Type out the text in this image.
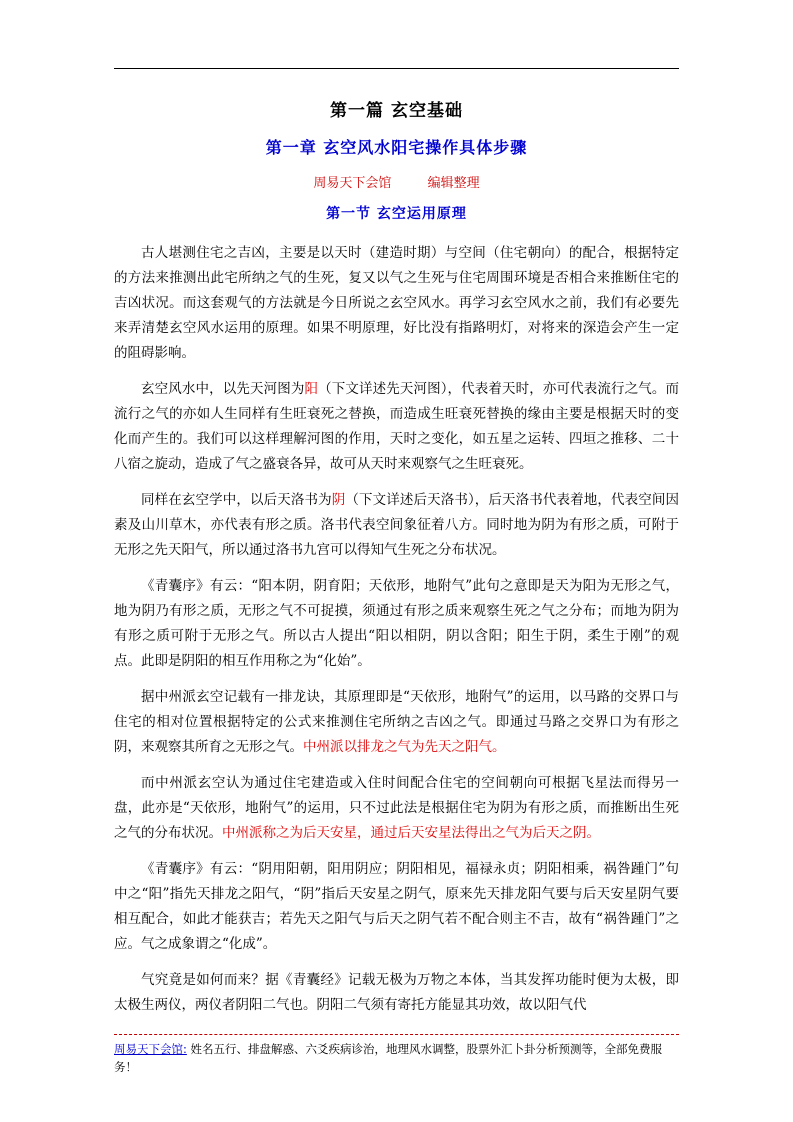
第一篇 玄空基础
第一章 玄空风水阳宅操作具体步骤
周易天下会馆	编辑整理
第一节 玄空运用原理

古人堪测住宅之吉凶，主要是以天时（建造时期）与空间（住宅朝向）的配合，根据特定的方法来推测出此宅所纳之气的生死，复又以气之生死与住宅周围环境是否相合来推断住宅的吉凶状况。而这套观气的方法就是今日所说之玄空风水。再学习玄空风水之前，我们有必要先来弄清楚玄空风水运用的原理。如果不明原理，好比没有指路明灯，对将来的深造会产生一定的阻碍影响。

玄空风水中，以先天河图为阳（下文详述先天河图），代表着天时，亦可代表流行之气。而流行之气的亦如人生同样有生旺衰死之替换，而造成生旺衰死替换的缘由主要是根据天时的变化而产生的。我们可以这样理解河图的作用，天时之变化，如五星之运转、四垣之推移、二十八宿之旋动，造成了气之盛衰各异，故可从天时来观察气之生旺衰死。

同样在玄空学中，以后天洛书为阴（下文详述后天洛书），后天洛书代表着地，代表空间因素及山川草木，亦代表有形之质。洛书代表空间象征着八方。同时地为阴为有形之质，可附于无形之先天阳气，所以通过洛书九宫可以得知气生死之分布状况。

《青囊序》有云：“阳本阴，阴育阳；天依形，地附气”此句之意即是天为阳为无形之气，地为阴乃有形之质，无形之气不可捉摸，须通过有形之质来观察生死之气之分布；而地为阴为有形之质可附于无形之气。所以古人提出“阳以相阴，阴以含阳；阳生于阴，柔生于刚”的观点。此即是阴阳的相互作用称之为“化始”。

据中州派玄空记载有一排龙诀，其原理即是“天依形，地附气”的运用，以马路的交界口与住宅的相对位置根据特定的公式来推测住宅所纳之吉凶之气。即通过马路之交界口为有形之阴，来观察其所育之无形之气。中州派以排龙之气为先天之阳气。

而中州派玄空认为通过住宅建造或入住时间配合住宅的空间朝向可根据飞星法而得另一盘，此亦是“天依形，地附气”的运用，只不过此法是根据住宅为阴为有形之质，而推断出生死之气的分布状况。中州派称之为后天安星，通过后天安星法得出之气为后天之阴。

《青囊序》有云：“阴用阳朝，阳用阴应；阴阳相见，福禄永贞；阴阳相乘，祸咎踵门”句中之“阳”指先天排龙之阳气，“阴”指后天安星之阴气，原来先天排龙阳气要与后天安星阴气要相互配合，如此才能获吉；若先天之阳气与后天之阴气若不配合则主不吉，故有“祸咎踵门”之应。气之成象谓之“化成”。

气究竟是如何而来？据《青囊经》记载无极为万物之本体，当其发挥功能时便为太极，即太极生两仪，两仪者阴阳二气也。阴阳二气须有寄托方能显其功效，故以阳气代

周易天下会馆: 姓名五行、排盘解惑、六爻疾病诊治，地理风水调整，股票外汇卜卦分析预测等，全部免费服务！
